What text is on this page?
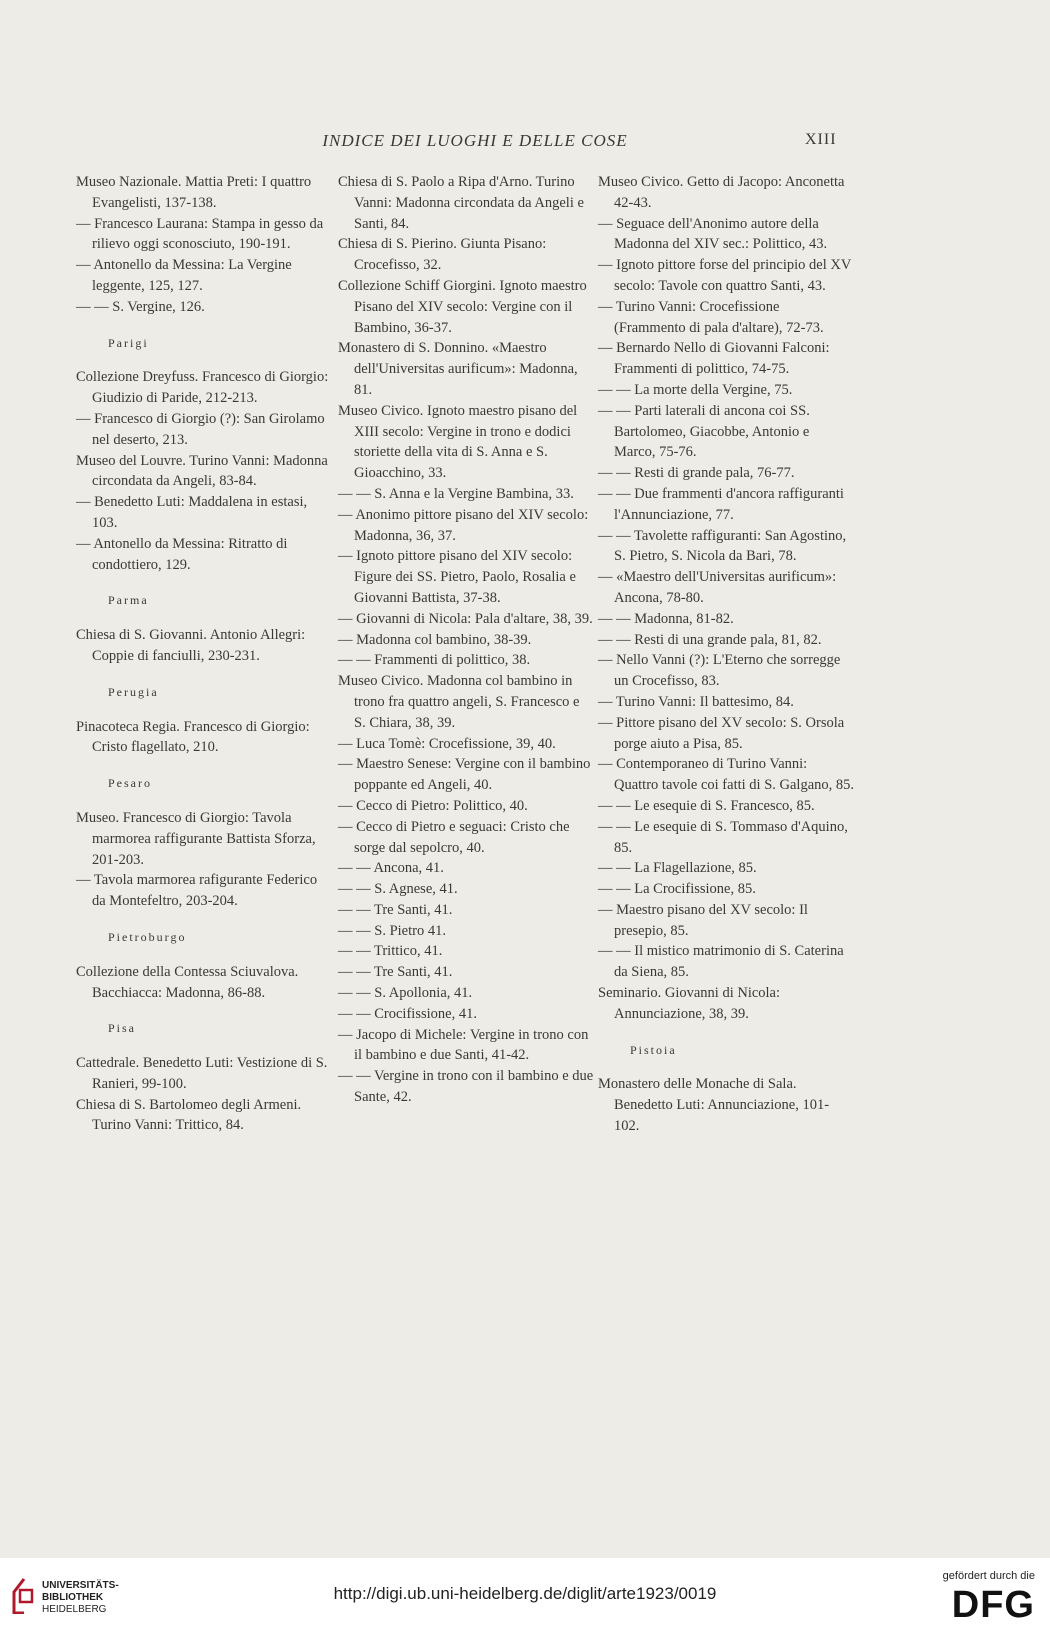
INDICE DEI LUOGHI E DELLE COSE	XIII
Museo Nazionale. Mattia Preti: I quattro Evangelisti, 137-138.
— Francesco Laurana: Stampa in gesso da rilievo oggi sconosciuto, 190-191.
— Antonello da Messina: La Vergine leggente, 125, 127.
— — S. Vergine, 126.
Parigi
Collezione Dreyfuss. Francesco di Giorgio: Giudizio di Paride, 212-213.
— Francesco di Giorgio (?): San Girolamo nel deserto, 213.
Museo del Louvre. Turino Vanni: Madonna circondata da Angeli, 83-84.
— Benedetto Luti: Maddalena in estasi, 103.
— Antonello da Messina: Ritratto di condottiero, 129.
Parma
Chiesa di S. Giovanni. Antonio Allegri: Coppie di fanciulli, 230-231.
Perugia
Pinacoteca Regia. Francesco di Giorgio: Cristo flagellato, 210.
Pesaro
Museo. Francesco di Giorgio: Tavola marmorea raffigurante Battista Sforza, 201-203.
— Tavola marmorea rafigurante Federico da Montefeltro, 203-204.
Pietroburgo
Collezione della Contessa Sciuvalova. Bacchiacca: Madonna, 86-88.
Pisa
Cattedrale. Benedetto Luti: Vestizione di S. Ranieri, 99-100.
Chiesa di S. Bartolomeo degli Armeni. Turino Vanni: Trittico, 84.
Chiesa di S. Paolo a Ripa d'Arno. Turino Vanni: Madonna circondata da Angeli e Santi, 84.
Chiesa di S. Pierino. Giunta Pisano: Crocefisso, 32.
Collezione Schiff Giorgini. Ignoto maestro Pisano del XIV secolo: Vergine con il Bambino, 36-37.
Monastero di S. Donnino. «Maestro dell'Universitas aurificum»: Madonna, 81.
Museo Civico. Ignoto maestro pisano del XIII secolo: Vergine in trono e dodici storiette della vita di S. Anna e S. Gioacchino, 33.
— — S. Anna e la Vergine Bambina, 33.
— Anonimo pittore pisano del XIV secolo: Madonna, 36, 37.
— Ignoto pittore pisano del XIV secolo: Figure dei SS. Pietro, Paolo, Rosalia e Giovanni Battista, 37-38.
— Giovanni di Nicola: Pala d'altare, 38, 39.
— Madonna col bambino, 38-39.
— — Frammenti di polittico, 38.
Museo Civico. Madonna col bambino in trono fra quattro angeli, S. Francesco e S. Chiara, 38, 39.
— Luca Tomè: Crocefissione, 39, 40.
— Maestro Senese: Vergine con il bambino poppante ed Angeli, 40.
— Cecco di Pietro: Polittico, 40.
— Cecco di Pietro e seguaci: Cristo che sorge dal sepolcro, 40.
— — Ancona, 41.
— — S. Agnese, 41.
— — Tre Santi, 41.
— — S. Pietro 41.
— — Trittico, 41.
— — Tre Santi, 41.
— — S. Apollonia, 41.
— — Crocifissione, 41.
— Jacopo di Michele: Vergine in trono con il bambino e due Santi, 41-42.
— — Vergine in trono con il bambino e due Sante, 42.
Museo Civico. Getto di Jacopo: Anconetta 42-43.
— Seguace dell'Anonimo autore della Madonna del XIV sec.: Polittico, 43.
— Ignoto pittore forse del principio del XV secolo: Tavole con quattro Santi, 43.
— Turino Vanni: Crocefissione (Frammento di pala d'altare), 72-73.
— Bernardo Nello di Giovanni Falconi: Frammenti di polittico, 74-75.
— — La morte della Vergine, 75.
— — Parti laterali di ancona coi SS. Bartolomeo, Giacobbe, Antonio e Marco, 75-76.
— — Resti di grande pala, 76-77.
— — Due frammenti d'ancora raffiguranti l'Annunciazione, 77.
— — Tavolette raffiguranti: San Agostino, S. Pietro, S. Nicola da Bari, 78.
— «Maestro dell'Universitas aurificum»: Ancona, 78-80.
— — Madonna, 81-82.
— — Resti di una grande pala, 81, 82.
— Nello Vanni (?): L'Eterno che sorregge un Crocefisso, 83.
— Turino Vanni: Il battesimo, 84.
— Pittore pisano del XV secolo: S. Orsola porge aiuto a Pisa, 85.
— Contemporaneo di Turino Vanni: Quattro tavole coi fatti di S. Galgano, 85.
— — Le esequie di S. Francesco, 85.
— — Le esequie di S. Tommaso d'Aquino, 85.
— — La Flagellazione, 85.
— — La Crocifissione, 85.
— Maestro pisano del XV secolo: Il presepio, 85.
— — Il mistico matrimonio di S. Caterina da Siena, 85.
Seminario. Giovanni di Nicola: Annunciazione, 38, 39.
Pistoia
Monastero delle Monache di Sala. Benedetto Luti: Annunciazione, 101-102.
UNIVERSITÄTS-
BIBLIOTHEK
HEIDELBERG
http://digi.ub.uni-heidelberg.de/diglit/arte1923/0019
gefördert durch die
DFG
